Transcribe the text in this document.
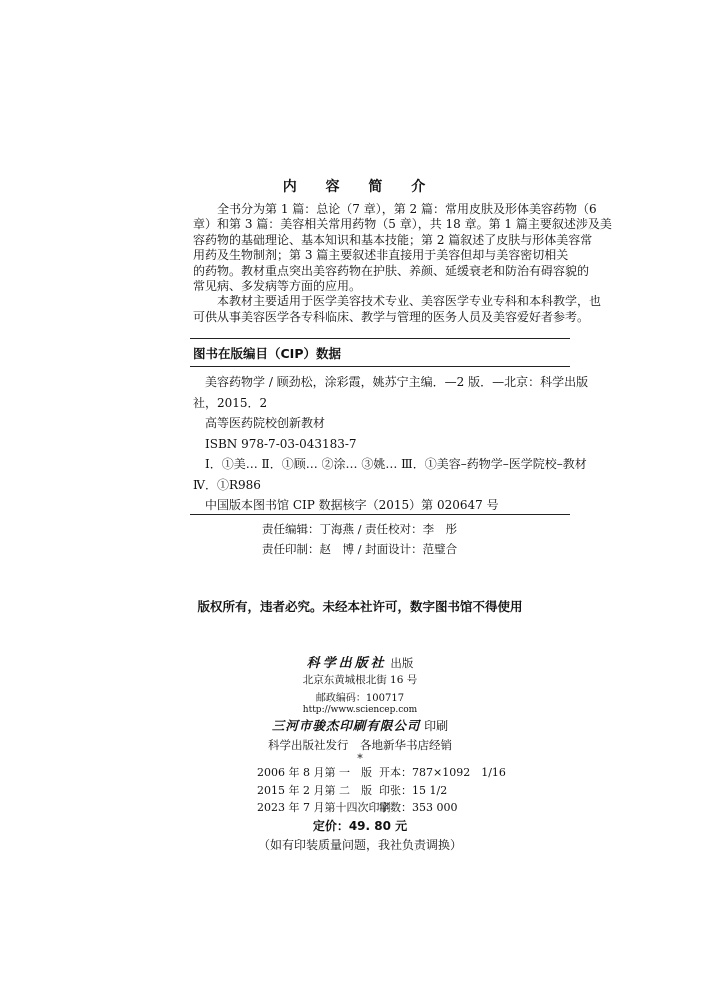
内 容 简 介
　　全书分为第 1 篇：总论（7 章），第 2 篇：常用皮肤及形体美容药物（6
章）和第 3 篇：美容相关常用药物（5 章），共 18 章。第 1 篇主要叙述涉及美
容药物的基础理论、基本知识和基本技能；第 2 篇叙述了皮肤与形体美容常
用药及生物制剂；第 3 篇主要叙述非直接用于美容但却与美容密切相关
的药物。教材重点突出美容药物在护肤、养颜、延缓衰老和防治有碍容貌的
常见病、多发病等方面的应用。
　　本教材主要适用于医学美容技术专业、美容医学专业专科和本科教学，也
可供从事美容医学各专科临床、教学与管理的医务人员及美容爱好者参考。
图书在版编目（CIP）数据
　美容药物学 / 顾劲松，涂彩霞，姚苏宁主编．—2 版．—北京：科学出版
社，2015．2
　高等医药院校创新教材
　ISBN 978-7-03-043183-7
　Ⅰ．①美… Ⅱ．①顾… ②涂… ③姚… Ⅲ．①美容–药物学–医学院校–教材
Ⅳ．①R986
　中国版本图书馆 CIP 数据核字（2015）第 020647 号
责任编辑：丁海燕 / 责任校对：李　彤
责任印制：赵　博 / 封面设计：范璧合
版权所有，违者必究。未经本社许可，数字图书馆不得使用
科学出版社 出版
北京东黄城根北街 16 号
邮政编码：100717
http://www.sciencep.com
三河市骏杰印刷有限公司 印刷
科学出版社发行　各地新华书店经销
*
2006 年 8 月第 一　版 开本：787×1092　1/16
2015 年 2 月第 二　版 印张：15 1/2
2023 年 7 月第十四次印刷
字数：353 000
定价：49. 80 元
（如有印装质量问题，我社负责调换）
